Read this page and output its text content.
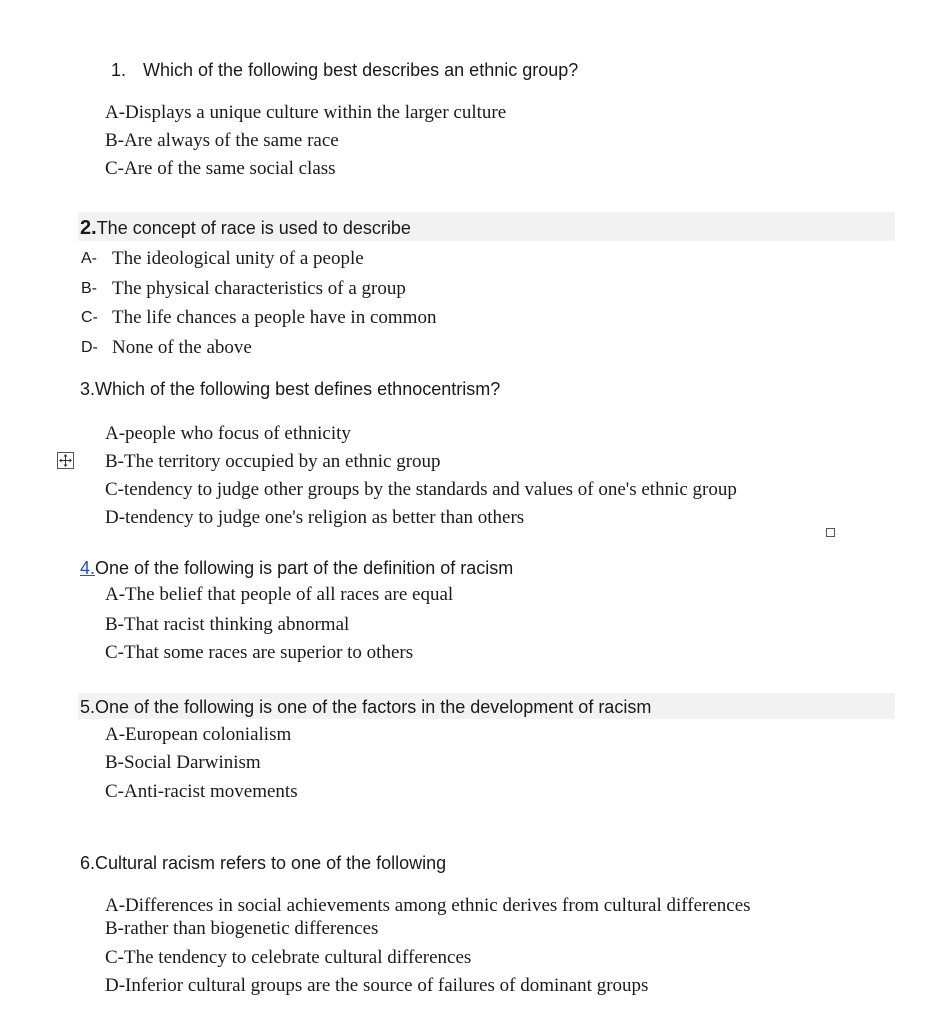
1. Which of the following best describes an ethnic group?
A-Displays a unique culture within the larger culture
B-Are always of the same race
C-Are of the same social class
2.The concept of race is used to describe
A- The ideological unity of a people
B- The physical characteristics of a group
C- The life chances a people have in common
D- None of the above
3.Which of the following best defines ethnocentrism?
A-people who focus of ethnicity
B-The territory occupied by an ethnic group
C-tendency to judge other groups by the standards and values of one's ethnic group
D-tendency to judge one's religion as better than others
4.One of the following is part of the definition of racism
A-The belief that people of all races are equal
B-That racist thinking abnormal
C-That some races are superior to others
5.One of the following is one of the factors in the development of racism
A-European colonialism
B-Social Darwinism
C-Anti-racist movements
6.Cultural racism refers to one of the following
A-Differences in social achievements among ethnic derives from cultural differences
B-rather than biogenetic differences
C-The tendency to celebrate cultural differences
D-Inferior cultural groups are the source of failures of dominant groups
